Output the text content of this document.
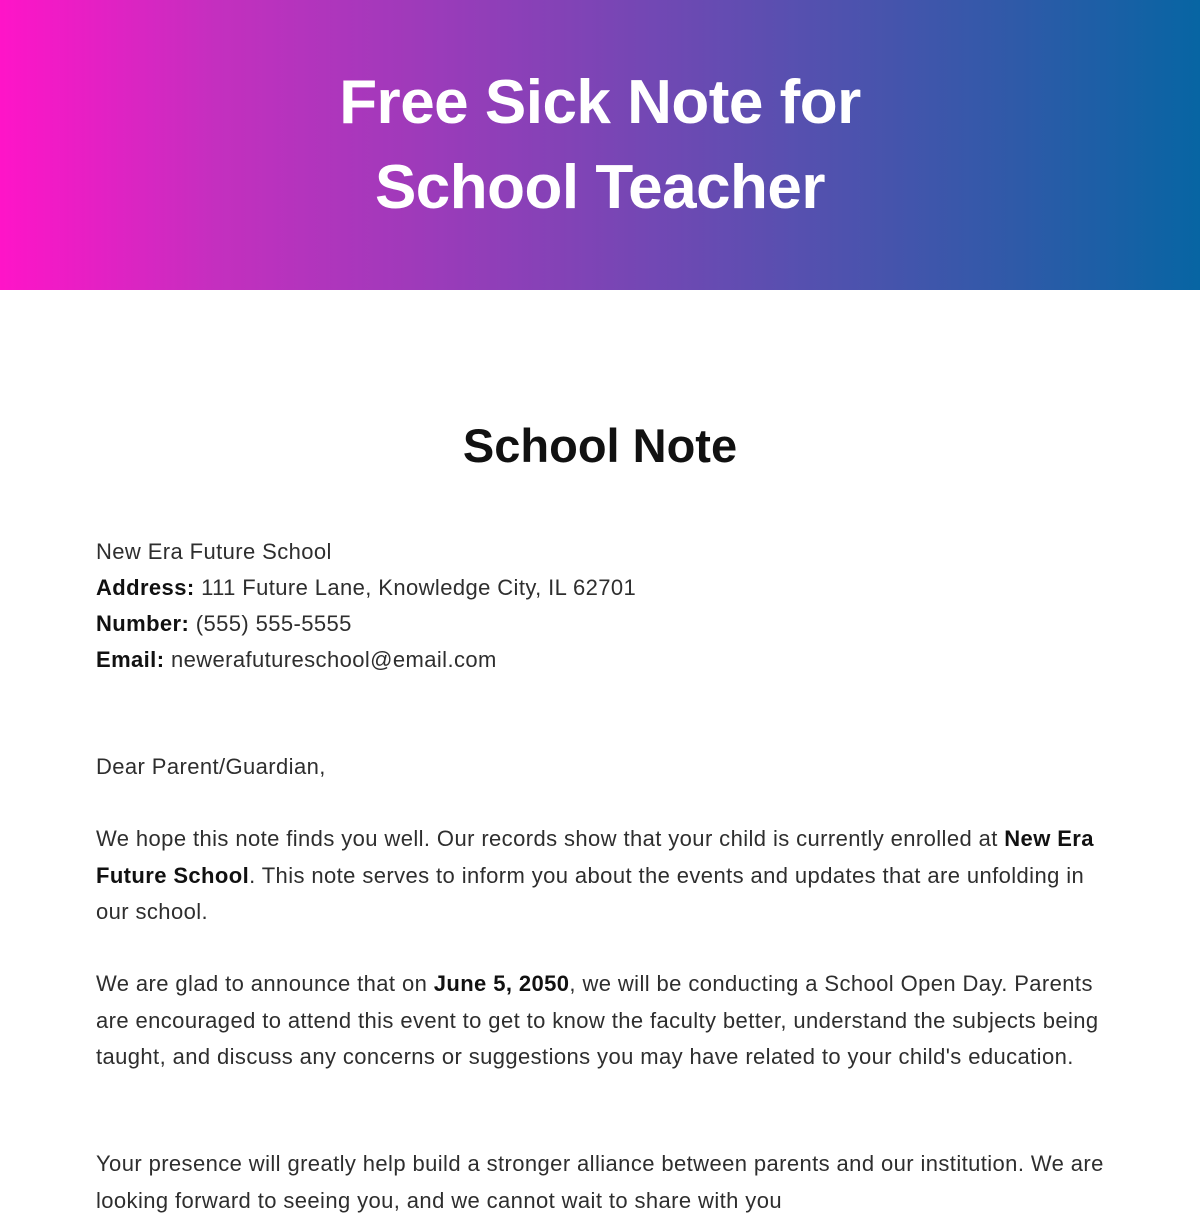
Free Sick Note for
School Teacher
School Note
New Era Future School
Address: 111 Future Lane, Knowledge City, IL 62701
Number: (555) 555-5555
Email: newerafutureschool@email.com

Dear Parent/Guardian,

We hope this note finds you well. Our records show that your child is currently enrolled at New Era Future School. This note serves to inform you about the events and updates that are unfolding in our school.

We are glad to announce that on June 5, 2050, we will be conducting a School Open Day. Parents are encouraged to attend this event to get to know the faculty better, understand the subjects being taught, and discuss any concerns or suggestions you may have related to your child's education.

Your presence will greatly help build a stronger alliance between parents and our institution. We are looking forward to seeing you, and we cannot wait to share with you
